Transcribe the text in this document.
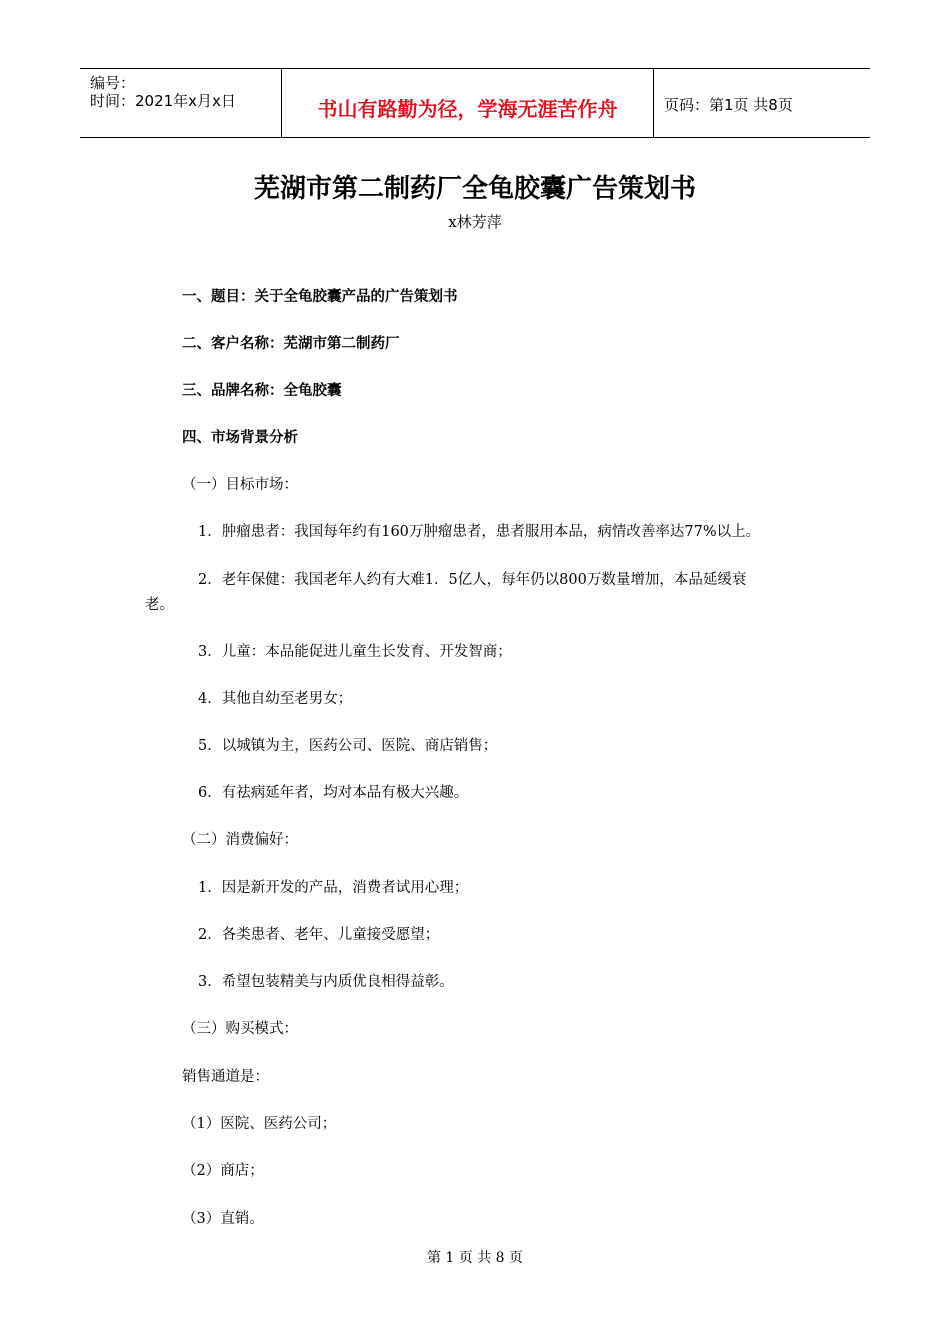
编号：
时间：2021年x月x日	书山有路勤为径，学海无涯苦作舟	页码：第1页 共8页
芜湖市第二制药厂全龟胶囊广告策划书
x林芳萍
一、题目：关于全龟胶囊产品的广告策划书
二、客户名称：芜湖市第二制药厂
三、品牌名称：全龟胶囊
四、市场背景分析
（一）目标市场：
1．肿瘤患者：我国每年约有160万肿瘤患者，患者服用本品，病情改善率达77%以上。
2．老年保健：我国老年人约有大难1．5亿人，每年仍以800万数量增加，本品延缓衰
老。
3．儿童：本品能促进儿童生长发育、开发智商；
4．其他自幼至老男女；
5．以城镇为主，医药公司、医院、商店销售；
6．有祛病延年者，均对本品有极大兴趣。
（二）消费偏好：
1．因是新开发的产品，消费者试用心理；
2．各类患者、老年、儿童接受愿望；
3．希望包装精美与内质优良相得益彰。
（三）购买模式：
销售通道是：
（1）医院、医药公司；
（2）商店；
（3）直销。
第 1 页 共 8 页
